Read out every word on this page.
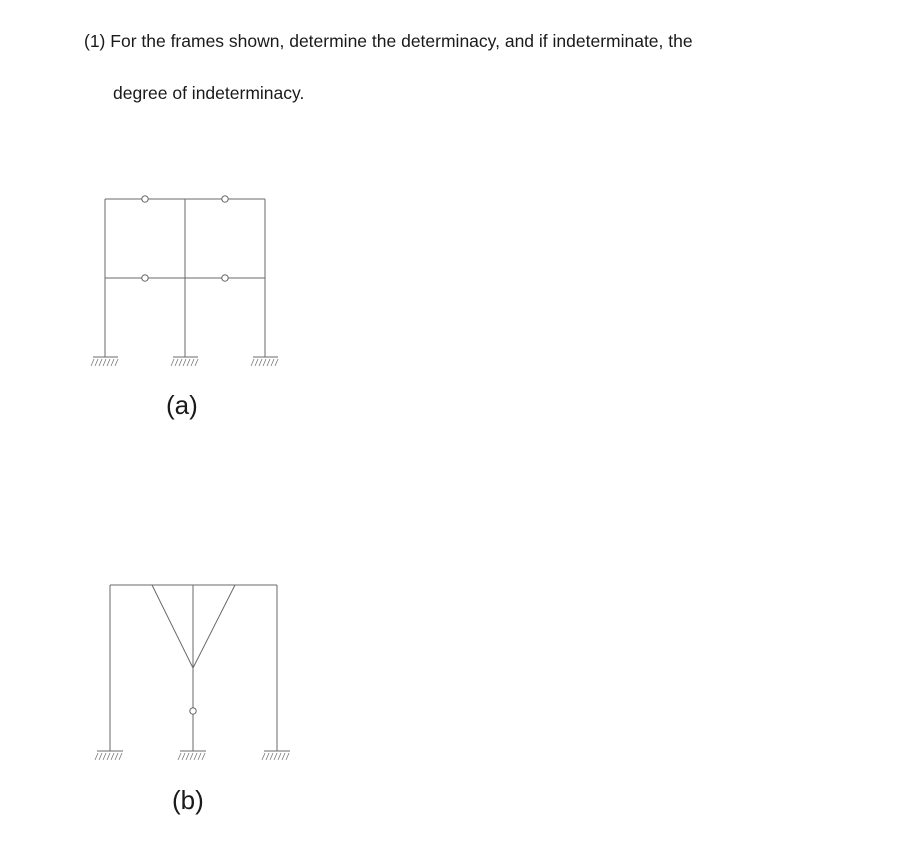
(1) For the frames shown, determine the determinacy, and if indeterminate, the
degree of indeterminacy.
(a)
(b)
